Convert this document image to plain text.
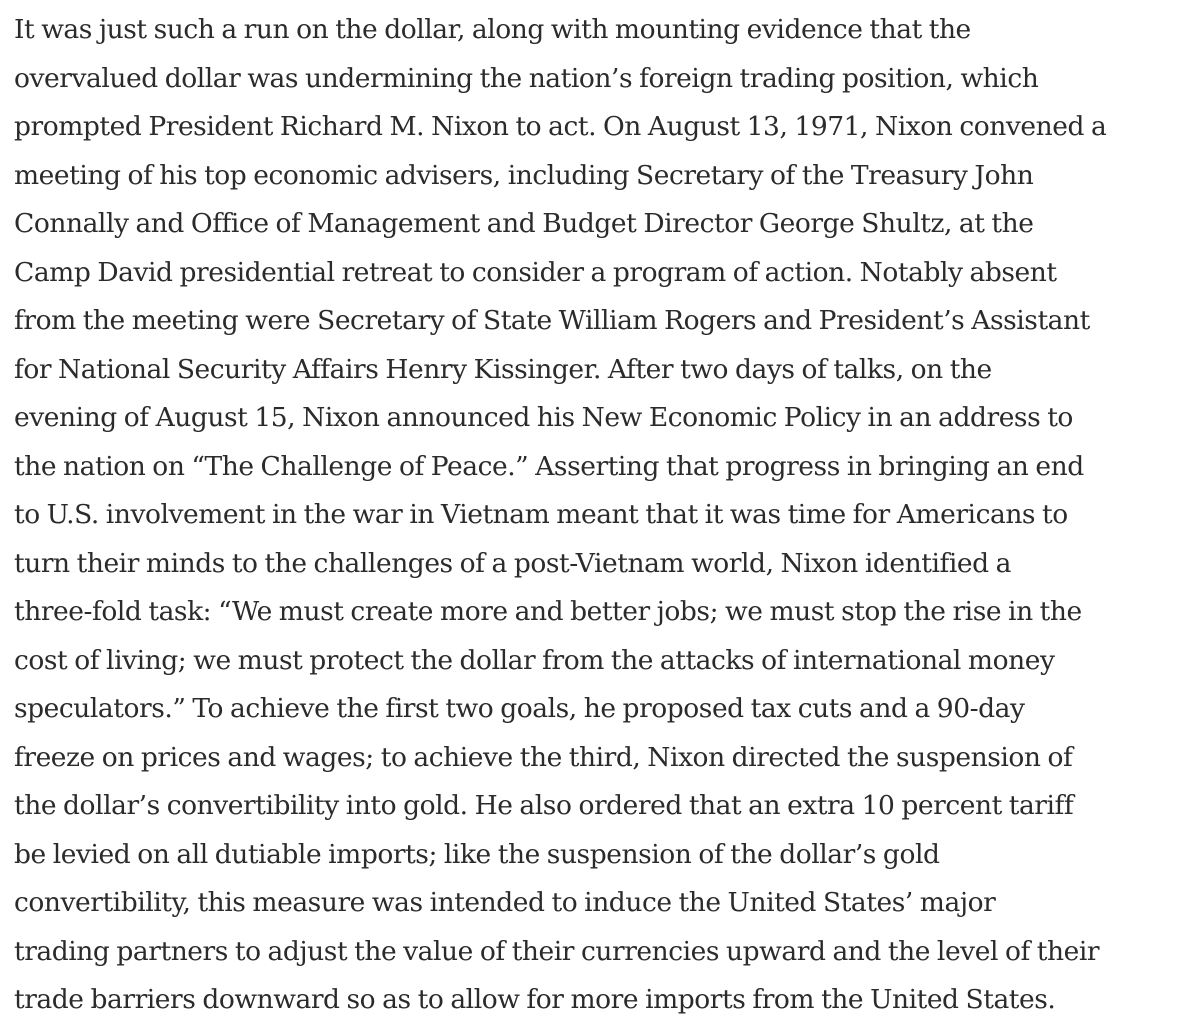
It was just such a run on the dollar, along with mounting evidence that the
overvalued dollar was undermining the nation’s foreign trading position, which
prompted President Richard M. Nixon to act. On August 13, 1971, Nixon convened a
meeting of his top economic advisers, including Secretary of the Treasury John
Connally and Office of Management and Budget Director George Shultz, at the
Camp David presidential retreat to consider a program of action. Notably absent
from the meeting were Secretary of State William Rogers and President’s Assistant
for National Security Affairs Henry Kissinger. After two days of talks, on the
evening of August 15, Nixon announced his New Economic Policy in an address to
the nation on “The Challenge of Peace.” Asserting that progress in bringing an end
to U.S. involvement in the war in Vietnam meant that it was time for Americans to
turn their minds to the challenges of a post-Vietnam world, Nixon identified a
three-fold task: “We must create more and better jobs; we must stop the rise in the
cost of living; we must protect the dollar from the attacks of international money
speculators.” To achieve the first two goals, he proposed tax cuts and a 90-day
freeze on prices and wages; to achieve the third, Nixon directed the suspension of
the dollar’s convertibility into gold. He also ordered that an extra 10 percent tariff
be levied on all dutiable imports; like the suspension of the dollar’s gold
convertibility, this measure was intended to induce the United States’ major
trading partners to adjust the value of their currencies upward and the level of their
trade barriers downward so as to allow for more imports from the United States.
